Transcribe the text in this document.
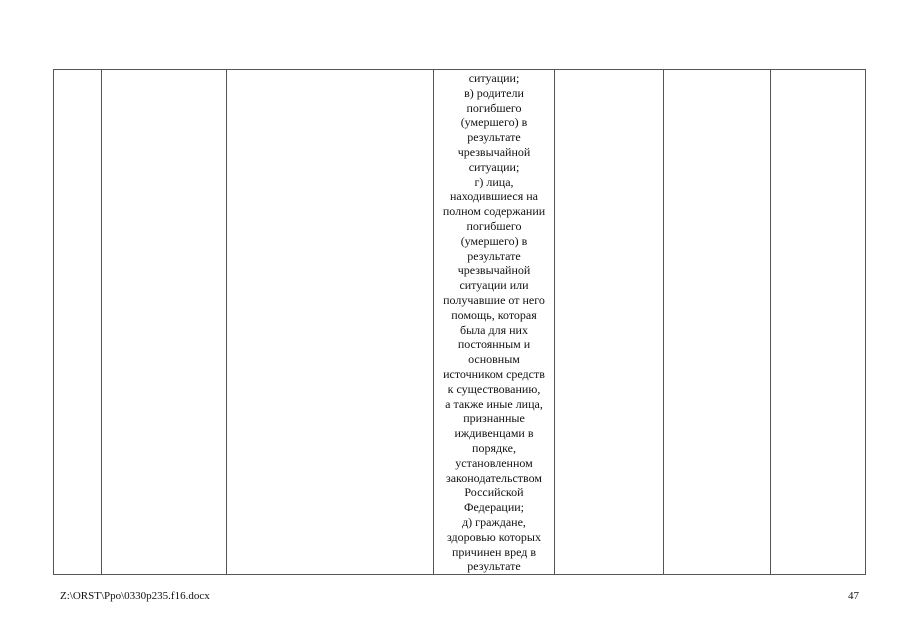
ситуации;
в) родители
погибшего
(умершего) в
результате
чрезвычайной
ситуации;
г) лица,
находившиеся на
полном содержании
погибшего
(умершего) в
результате
чрезвычайной
ситуации или
получавшие от него
помощь, которая
была для них
постоянным и
основным
источником средств
к существованию,
а также иные лица,
признанные
иждивенцами в
порядке,
установленном
законодательством
Российской
Федерации;
д) граждане,
здоровью которых
причинен вред в
результате

Z:\ORST\Ppo\0330p235.f16.docx	47
